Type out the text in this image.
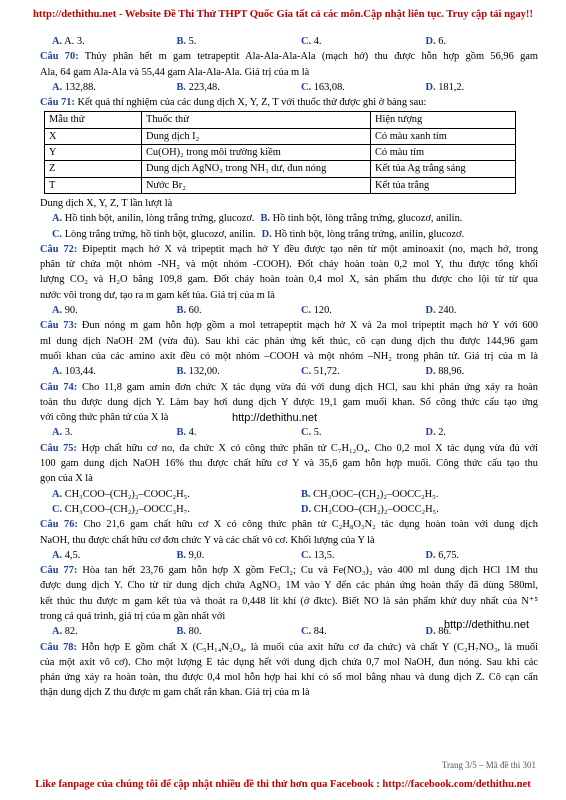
http://dethithu.net - Website Đề Thi Thử THPT Quốc Gia tất cả các môn.Cập nhật liên tục. Truy cập tải ngay!!
A. A. 3.	B. 5.	C. 4.	D. 6.
Câu 70: Thủy phân hết m gam tetrapeptit Ala-Ala-Ala-Ala (mạch hở) thu được hỗn hợp gồm 56,96 gam
Ala, 64 gam Ala-Ala và 55,44 gam Ala-Ala-Ala. Giá trị của m là
A. 132,88.	B. 223,48.	C. 163,08.	D. 181,2.
Câu 71: Kết quả thí nghiệm của các dung dịch X, Y, Z, T với thuốc thử được ghi ở bảng sau:
Mẫu thử	Thuốc thử	Hiện tượng
X	Dung dịch I₂	Có màu xanh tím
Y	Cu(OH)₂ trong môi trường kiềm	Có màu tím
Z	Dung dịch AgNO₃ trong NH₃ dư, đun nóng	Kết tủa Ag trắng sáng
T	Nước Br₂	Kết tủa trắng
Dung dịch X, Y, Z, T lần lượt là
A. Hồ tinh bột, anilin, lòng trắng trứng, glucozơ. B. Hồ tinh bột, lòng trắng trứng, glucozơ, anilin.
C. Lòng trắng trứng, hồ tinh bột, glucozơ, anilin. D. Hồ tinh bột, lòng trắng trứng, anilin, glucozơ.
Câu 72: Đipeptit mạch hở X và tripeptit mạch hở Y đều được tạo nên từ một aminoaxit (no, mạch hở, trong
phân tử chứa một nhóm -NH₂ và một nhóm -COOH). Đốt cháy hoàn toàn 0,2 mol Y, thu được tổng khối
lượng CO₂ và H₂O bằng 109,8 gam. Đốt cháy hoàn toàn 0,4 mol X, sản phẩm thu được cho lội từ từ qua
nước vôi trong dư, tạo ra m gam kết tủa. Giá trị của m là
A. 90.	B. 60.	C. 120.	D. 240.
Câu 73: Đun nóng m gam hỗn hợp gồm a mol tetrapeptit mạch hở X và 2a mol tripeptit mạch hở Y với 600
ml dung dịch NaOH 2M (vừa đủ). Sau khi các phản ứng kết thúc, cô cạn dung dịch thu được 144,96 gam
muối khan của các amino axit đều có một nhóm –COOH và một nhóm –NH₂ trong phân tử. Giá trị của m là
A. 103,44.	B. 132,00.	C. 51,72.	D. 88,96.
Câu 74: Cho 11,8 gam amin đơn chức X tác dụng vừa đủ với dung dịch HCl, sau khi phản ứng xảy ra hoàn
toàn thu được dung dịch Y. Làm bay hơi dung dịch Y được 19,1 gam muối khan. Số công thức cấu tạo ứng
với công thức phân tử của X là	http://dethithu.net
A. 3.	B. 4.	C. 5.	D. 2.
Câu 75: Hợp chất hữu cơ no, đa chức X có công thức phân tử C₇H₁₂O₄. Cho 0,2 mol X tác dụng vừa đủ với
100 gam dung dịch NaOH 16% thu được chất hữu cơ Y và 35,6 gam hỗn hợp muối. Công thức cấu tạo thu
gọn của X là
A. CH₃COO–(CH₂)₂–COOC₂H₅.	B. CH₃OOC–(CH₂)₂–OOCC₂H₅.
C. CH₃COO–(CH₂)₂–OOCC₃H₇.	D. CH₃COO–(CH₂)₂–OOCC₂H₅.
Câu 76: Cho 21,6 gam chất hữu cơ X có công thức phân tử C₂H₈O₃N₂ tác dụng hoàn toàn với dung dịch
NaOH, thu được chất hữu cơ đơn chức Y và các chất vô cơ. Khối lượng của Y là
A. 4,5.	B. 9,0.	C. 13,5.	D. 6,75.
Câu 77: Hòa tan hết 23,76 gam hỗn hợp X gồm FeCl₂; Cu và Fe(NO₃)₂ vào 400 ml dung dịch HCl 1M thu
được dung dịch Y. Cho từ từ dung dịch chứa AgNO₃ 1M vào Y đến các phản ứng hoàn thấy đã dùng 580ml,
kết thúc thu được m gam kết tủa và thoát ra 0,448 lít khí (ở đktc). Biết NO là sản phẩm khử duy nhất của N⁺⁵
trong cả quá trình, giá trị của m gần nhất với
A. 82.	B. 80.	C. 84.	D. 86.
http://dethithu.net
Câu 78: Hỗn hợp E gồm chất X (C₅H₁₄N₂O₄, là muối của axit hữu cơ đa chức) và chất Y (C₂H₇NO₃, là muối
của một axit vô cơ). Cho một lượng E tác dụng hết với dung dịch chứa 0,7 mol NaOH, đun nóng. Sau khi các
phản ứng xảy ra hoàn toàn, thu được 0,4 mol hỗn hợp hai khí có số mol bằng nhau và dung dịch Z. Cô cạn cẩn
thận dung dịch Z thu được m gam chất rắn khan. Giá trị của m là
Trang 3/5 – Mã đề thi 301
Like fanpage của chúng tôi để cập nhật nhiều đề thi thử hơn qua Facebook : http://facebook.com/dethithu.net
